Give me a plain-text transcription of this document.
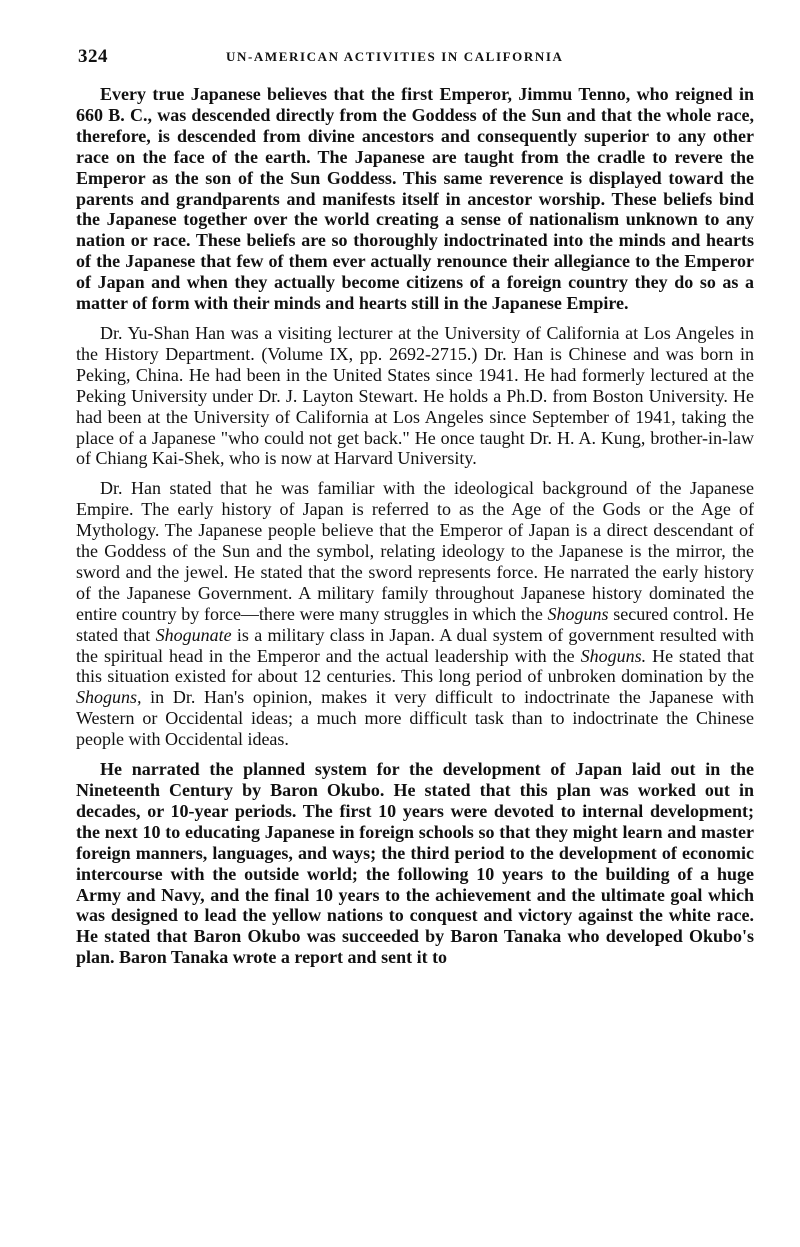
324	UN-AMERICAN ACTIVITIES IN CALIFORNIA

Every true Japanese believes that the first Emperor, Jimmu Tenno, who reigned in 660 B. C., was descended directly from the Goddess of the Sun and that the whole race, therefore, is descended from divine ancestors and consequently superior to any other race on the face of the earth. The Japanese are taught from the cradle to revere the Emperor as the son of the Sun Goddess. This same reverence is displayed toward the parents and grandparents and manifests itself in ancestor worship. These beliefs bind the Japanese together over the world creating a sense of nationalism unknown to any nation or race. These beliefs are so thoroughly indoctrinated into the minds and hearts of the Japanese that few of them ever actually renounce their allegiance to the Emperor of Japan and when they actually become citizens of a foreign country they do so as a matter of form with their minds and hearts still in the Japanese Empire.

Dr. Yu-Shan Han was a visiting lecturer at the University of California at Los Angeles in the History Department. (Volume IX, pp. 2692-2715.) Dr. Han is Chinese and was born in Peking, China. He had been in the United States since 1941. He had formerly lectured at the Peking University under Dr. J. Layton Stewart. He holds a Ph.D. from Boston University. He had been at the University of California at Los Angeles since September of 1941, taking the place of a Japanese "who could not get back." He once taught Dr. H. A. Kung, brother-in-law of Chiang Kai-Shek, who is now at Harvard University.

Dr. Han stated that he was familiar with the ideological background of the Japanese Empire. The early history of Japan is referred to as the Age of the Gods or the Age of Mythology. The Japanese people believe that the Emperor of Japan is a direct descendant of the Goddess of the Sun and the symbol, relating ideology to the Japanese is the mirror, the sword and the jewel. He stated that the sword represents force. He narrated the early history of the Japanese Government. A military family throughout Japanese history dominated the entire country by force—there were many struggles in which the Shoguns secured control. He stated that Shogunate is a military class in Japan. A dual system of government resulted with the spiritual head in the Emperor and the actual leadership with the Shoguns. He stated that this situation existed for about 12 centuries. This long period of unbroken domination by the Shoguns, in Dr. Han's opinion, makes it very difficult to indoctrinate the Japanese with Western or Occidental ideas; a much more difficult task than to indoctrinate the Chinese people with Occidental ideas.

He narrated the planned system for the development of Japan laid out in the Nineteenth Century by Baron Okubo. He stated that this plan was worked out in decades, or 10-year periods. The first 10 years were devoted to internal development; the next 10 to educating Japanese in foreign schools so that they might learn and master foreign manners, languages, and ways; the third period to the development of economic intercourse with the outside world; the following 10 years to the building of a huge Army and Navy, and the final 10 years to the achievement and the ultimate goal which was designed to lead the yellow nations to conquest and victory against the white race. He stated that Baron Okubo was succeeded by Baron Tanaka who developed Okubo's plan. Baron Tanaka wrote a report and sent it to
